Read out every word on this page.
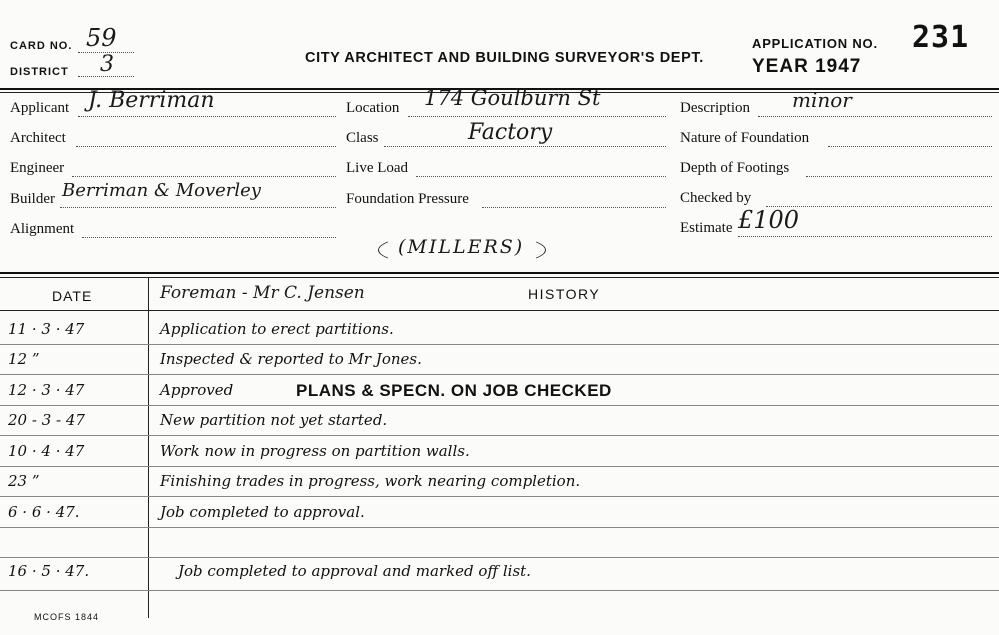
CARD NO. 59
DISTRICT 3	CITY ARCHITECT AND BUILDING SURVEYOR'S DEPT.
APPLICATION NO. 231
YEAR 1947
Applicant J. Berriman
Architect
Engineer
Builder Berriman & Moverley
Alignment
Location 174 Goulburn St
Class	Factory
Live Load
Foundation Pressure
(MILLERS)
Description minor
Nature of Foundation
Depth of Footings
Checked by
Estimate £100
DATE	Foreman - Mr C. Jensen	HISTORY
11 · 3 · 47	Application to erect partitions.
12 ”	Inspected & reported to Mr Jones.
12 · 3 · 47	Approved	PLANS & SPECN. ON JOB CHECKED
20 - 3 - 47	New partition not yet started.
10 · 4 · 47	Work now in progress on partition walls.
23 ”	Finishing trades in progress, work nearing completion.
6 · 6 · 47.	Job completed to approval.
16 · 5 · 47.	Job completed to approval and marked off list.
MCOFS 1844
